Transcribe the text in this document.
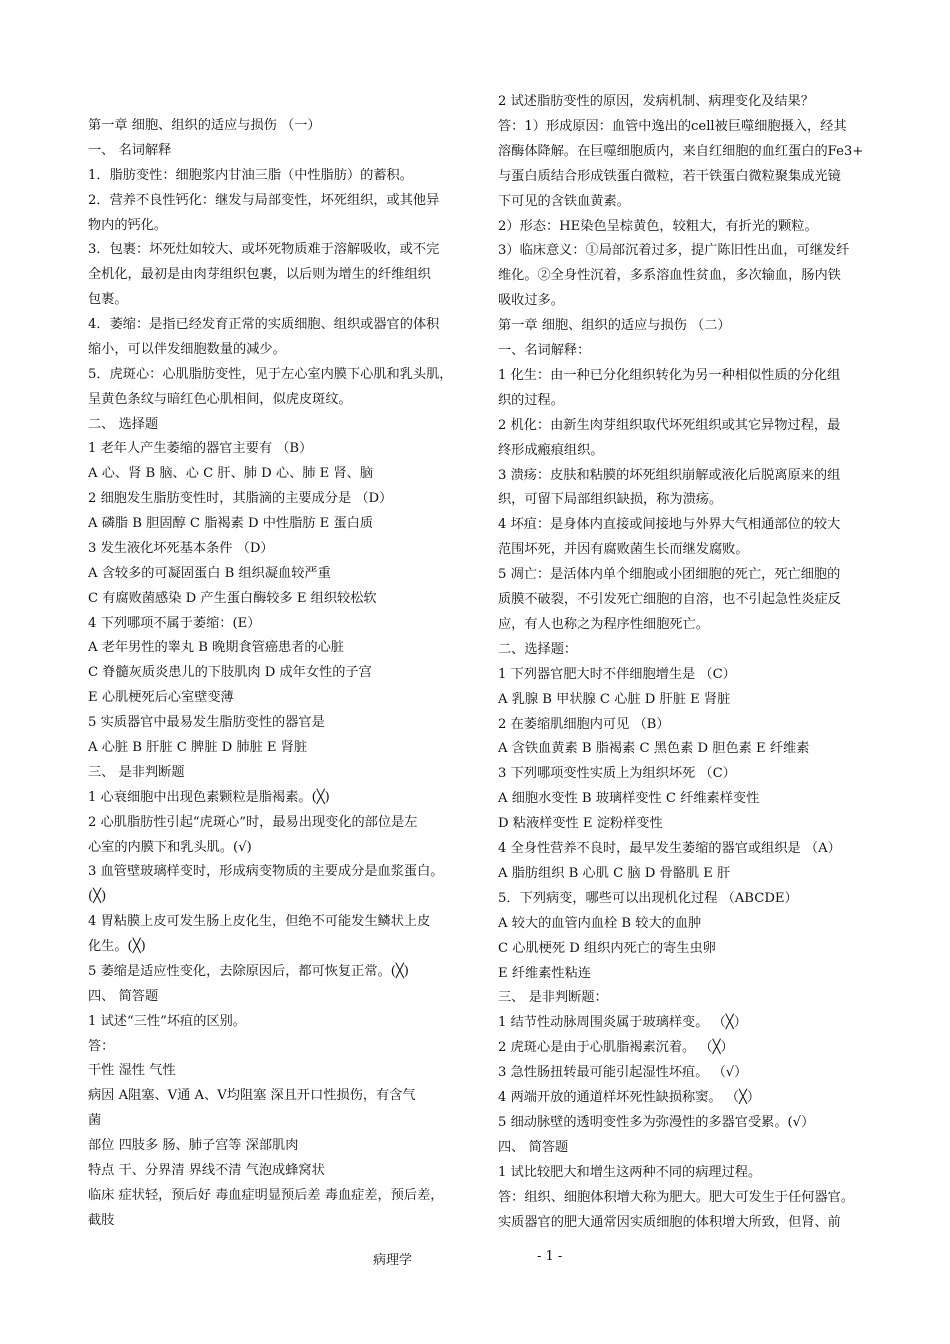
第一章 细胞、组织的适应与损伤 （一）
一、 名词解释
1．脂肪变性：细胞浆内甘油三脂（中性脂肪）的蓄积。
2．营养不良性钙化：继发与局部变性，坏死组织，或其他异
物内的钙化。
3．包裹：坏死灶如较大、或坏死物质难于溶解吸收，或不完
全机化，最初是由肉芽组织包裹，以后则为增生的纤维组织
包裹。
4．萎缩：是指已经发育正常的实质细胞、组织或器官的体积
缩小，可以伴发细胞数量的减少。
5．虎斑心：心肌脂肪变性，见于左心室内膜下心肌和乳头肌，
呈黄色条纹与暗红色心肌相间，似虎皮斑纹。
二、 选择题
1 老年人产生萎缩的器官主要有 （B）
A 心、肾 B 脑、心 C 肝、肺 D 心、肺 E 肾、脑
2 细胞发生脂肪变性时，其脂滴的主要成分是 （D）
A 磷脂 B 胆固醇 C 脂褐素 D 中性脂肪 E 蛋白质
3 发生液化坏死基本条件 （D）
A 含较多的可凝固蛋白 B 组织凝血较严重
C 有腐败菌感染 D 产生蛋白酶较多 E 组织较松软
4 下列哪项不属于萎缩：(E）
A 老年男性的睾丸 B 晚期食管癌患者的心脏
C 脊髓灰质炎患儿的下肢肌肉 D 成年女性的子宫
E 心肌梗死后心室壁变薄
5 实质器官中最易发生脂肪变性的器官是
A 心脏 B 肝脏 C 脾脏 D 肺脏 E 肾脏
三、 是非判断题
1 心衰细胞中出现色素颗粒是脂褐素。(╳)
2 心肌脂肪性引起“虎斑心”时，最易出现变化的部位是左
心室的内膜下和乳头肌。(√)
3 血管壁玻璃样变时，形成病变物质的主要成分是血浆蛋白。
(╳)
4 胃粘膜上皮可发生肠上皮化生，但绝不可能发生鳞状上皮
化生。(╳)
5 萎缩是适应性变化，去除原因后，都可恢复正常。(╳)
四、 简答题
1 试述“三性”坏疽的区别。
答：
干性 湿性 气性
病因 A阻塞、V通 A、V均阻塞 深且开口性损伤，有含气
菌
部位 四肢多 肠、肺子宫等 深部肌肉
特点 干、分界清 界线不清 气泡成蜂窝状
临床 症状轻，预后好 毒血症明显预后差 毒血症差，预后差，
截肢
2 试述脂肪变性的原因，发病机制、病理变化及结果？
答：1）形成原因：血管中逸出的cell被巨噬细胞摄入，经其
溶酶体降解。在巨噬细胞质内，来自红细胞的血红蛋白的Fe3+
与蛋白质结合形成铁蛋白微粒，若干铁蛋白微粒聚集成光镜
下可见的含铁血黄素。
2）形态：HE染色呈棕黄色，较粗大，有折光的颗粒。
3）临床意义：①局部沉着过多，提广陈旧性出血，可继发纤
维化。②全身性沉着，多系溶血性贫血，多次输血，肠内铁
吸收过多。
第一章 细胞、组织的适应与损伤 （二）
一、名词解释：
1 化生：由一种已分化组织转化为另一种相似性质的分化组
织的过程。
2 机化：由新生肉芽组织取代坏死组织或其它异物过程，最
终形成瘢痕组织。
3 溃疡：皮肤和粘膜的坏死组织崩解或液化后脱离原来的组
织，可留下局部组织缺损，称为溃疡。
4 坏疽：是身体内直接或间接地与外界大气相通部位的较大
范围坏死，并因有腐败菌生长而继发腐败。
5 凋亡：是活体内单个细胞或小团细胞的死亡，死亡细胞的
质膜不破裂，不引发死亡细胞的自溶，也不引起急性炎症反
应，有人也称之为程序性细胞死亡。
二、选择题：
1 下列器官肥大时不伴细胞增生是 （C）
A 乳腺 B 甲状腺 C 心脏 D 肝脏 E 肾脏
2 在萎缩肌细胞内可见 （B）
A 含铁血黄素 B 脂褐素 C 黑色素 D 胆色素 E 纤维素
3 下列哪项变性实质上为组织坏死 （C）
A 细胞水变性 B 玻璃样变性 C 纤维素样变性
D 粘液样变性 E 淀粉样变性
4 全身性营养不良时，最早发生萎缩的器官或组织是 （A）
A 脂肪组织 B 心肌 C 脑 D 骨骼肌 E 肝
5．下列病变，哪些可以出现机化过程 （ABCDE）
A 较大的血管内血栓 B 较大的血肿
C 心肌梗死 D 组织内死亡的寄生虫卵
E 纤维素性粘连
三、 是非判断题：
1 结节性动脉周围炎属于玻璃样变。 （╳）
2 虎斑心是由于心肌脂褐素沉着。 （╳）
3 急性肠扭转最可能引起湿性坏疽。 （√）
4 两端开放的通道样坏死性缺损称窦。 （╳）
5 细动脉壁的透明变性多为弥漫性的多器官受累。(√）
四、 简答题
1 试比较肥大和增生这两种不同的病理过程。
答：组织、细胞体积增大称为肥大。肥大可发生于任何器官。
实质器官的肥大通常因实质细胞的体积增大所致，但肾、前
病理学	- 1 -
